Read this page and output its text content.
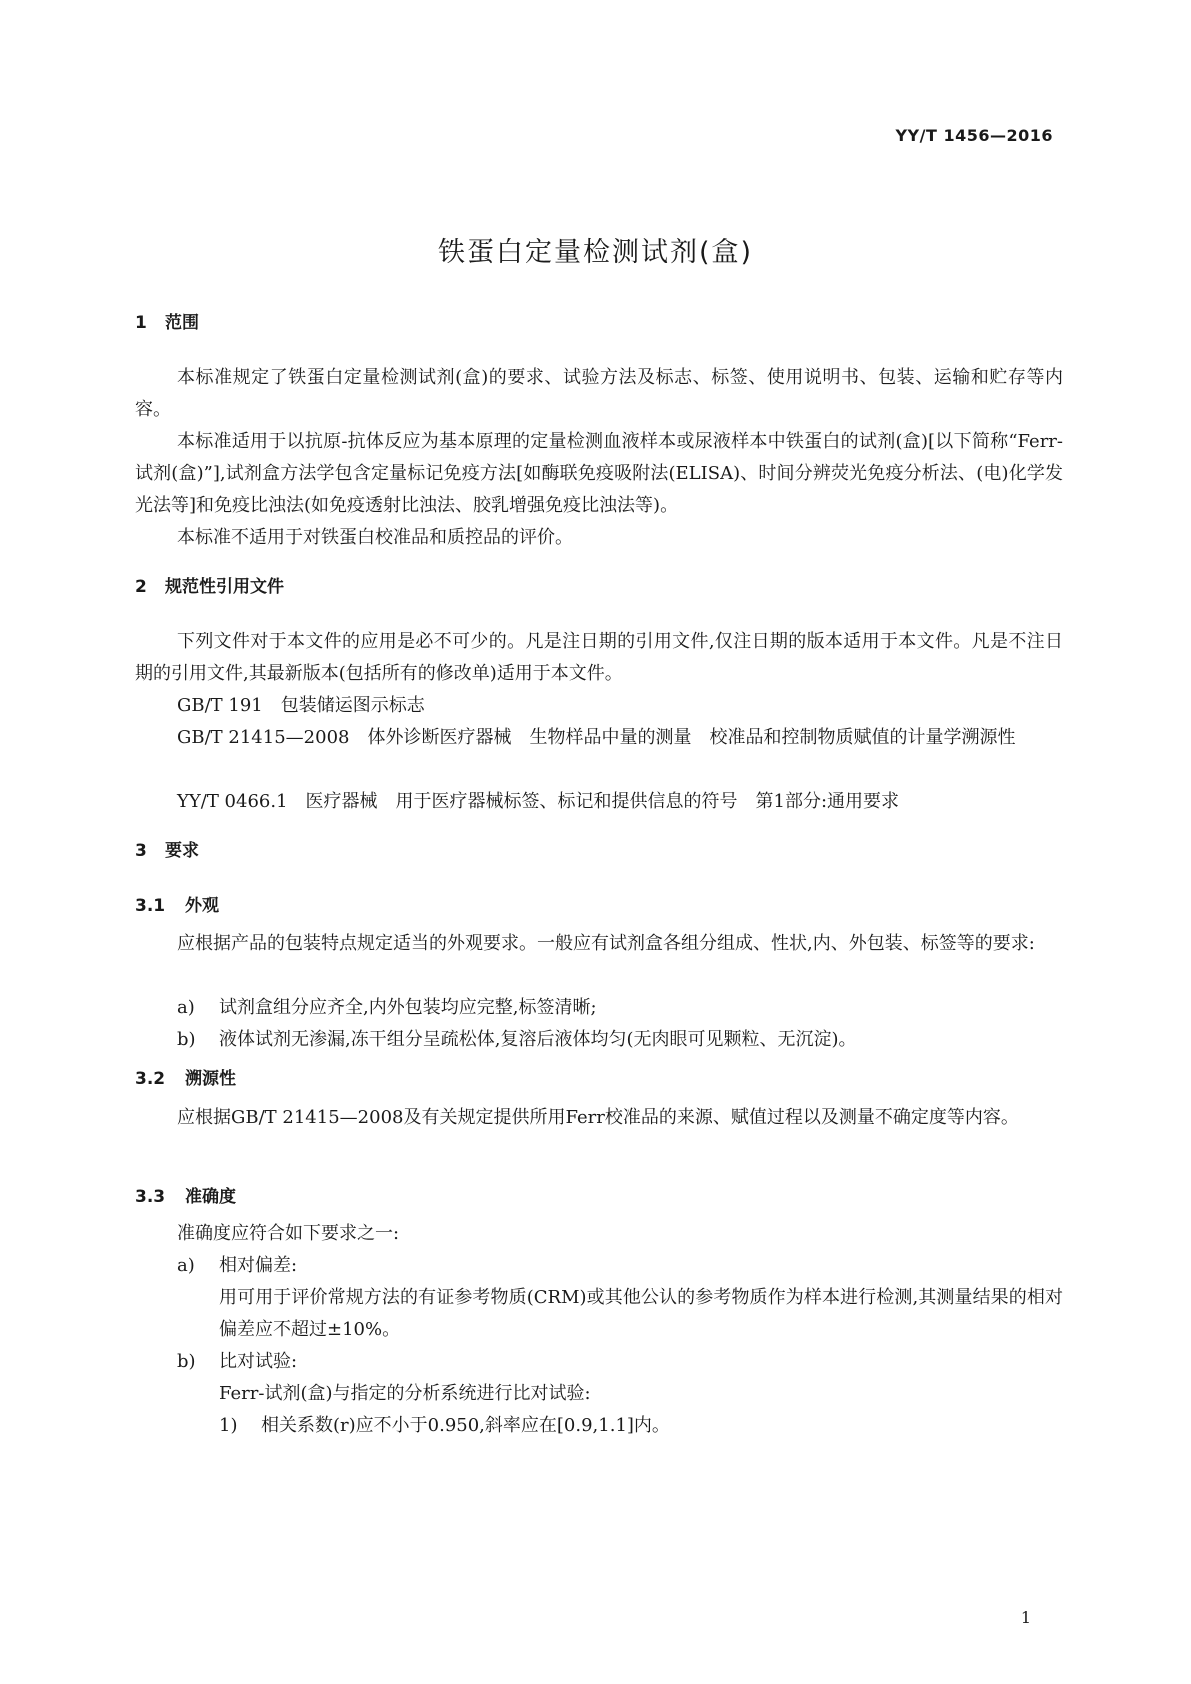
YY/T 1456—2016
铁蛋白定量检测试剂(盒)
1 范围
本标准规定了铁蛋白定量检测试剂(盒)的要求、试验方法及标志、标签、使用说明书、包装、运输和贮存等内容。
本标准适用于以抗原-抗体反应为基本原理的定量检测血液样本或尿液样本中铁蛋白的试剂(盒)[以下简称“Ferr-试剂(盒)”],试剂盒方法学包含定量标记免疫方法[如酶联免疫吸附法(ELISA)、时间分辨荧光免疫分析法、(电)化学发光法等]和免疫比浊法(如免疫透射比浊法、胶乳增强免疫比浊法等)。
本标准不适用于对铁蛋白校准品和质控品的评价。
2 规范性引用文件
下列文件对于本文件的应用是必不可少的。凡是注日期的引用文件,仅注日期的版本适用于本文件。凡是不注日期的引用文件,其最新版本(包括所有的修改单)适用于本文件。
GB/T 191　包装储运图示标志
GB/T 21415—2008　体外诊断医疗器械　生物样品中量的测量　校准品和控制物质赋值的计量学溯源性
YY/T 0466.1　医疗器械　用于医疗器械标签、标记和提供信息的符号　第1部分:通用要求
3 要求
3.1 外观
应根据产品的包装特点规定适当的外观要求。一般应有试剂盒各组分组成、性状,内、外包装、标签等的要求:
a) 试剂盒组分应齐全,内外包装均应完整,标签清晰;
b) 液体试剂无渗漏,冻干组分呈疏松体,复溶后液体均匀(无肉眼可见颗粒、无沉淀)。
3.2 溯源性
应根据GB/T 21415—2008及有关规定提供所用Ferr校准品的来源、赋值过程以及测量不确定度等内容。
3.3 准确度
准确度应符合如下要求之一:
a) 相对偏差:
用可用于评价常规方法的有证参考物质(CRM)或其他公认的参考物质作为样本进行检测,其测量结果的相对偏差应不超过±10%。
b) 比对试验:
Ferr-试剂(盒)与指定的分析系统进行比对试验:
1) 相关系数(r)应不小于0.950,斜率应在[0.9,1.1]内。
1
